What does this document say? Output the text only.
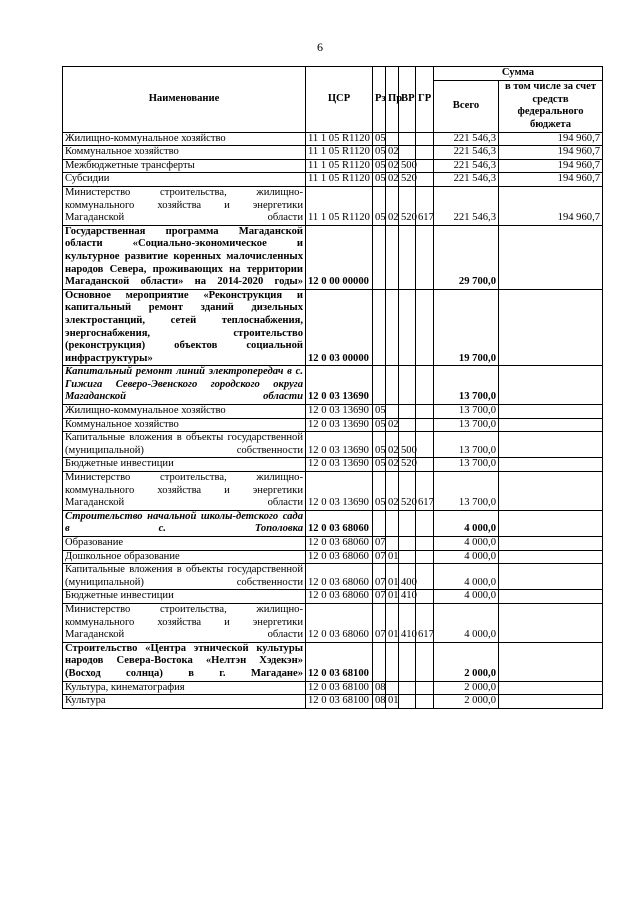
6
Наименование	ЦСР	Рз	Пр	ВР	ГР	Сумма	
						Всего	в том числе за счет средств федерального бюджета
Жилищно-коммунальное хозяйство	11 1 05 R1120	05				221 546,3	194 960,7
Коммунальное хозяйство	11 1 05 R1120	05	02			221 546,3	194 960,7
Межбюджетные трансферты	11 1 05 R1120	05	02	500		221 546,3	194 960,7
Субсидии	11 1 05 R1120	05	02	520		221 546,3	194 960,7
Министерство строительства, жилищно-коммунального хозяйства и энергетики Магаданской области	11 1 05 R1120	05	02	520	617	221 546,3	194 960,7
Государственная программа Магаданской области «Социально-экономическое и культурное развитие коренных малочисленных народов Севера, проживающих на территории Магаданской области» на 2014-2020 годы»	12 0 00 00000					29 700,0	
Основное мероприятие «Реконструкция и капитальный ремонт зданий дизельных электростанций, сетей теплоснабжения, энергоснабжения, строительство (реконструкция) объектов социальной инфраструктуры»	12 0 03 00000					19 700,0	
Капитальный ремонт линий электропередач в с. Гижига Северо-Эвенского городского округа Магаданской области	12 0 03 13690					13 700,0	
Жилищно-коммунальное хозяйство	12 0 03 13690	05				13 700,0	
Коммунальное хозяйство	12 0 03 13690	05	02			13 700,0	
Капитальные вложения в объекты государственной (муниципальной) собственности	12 0 03 13690	05	02	500		13 700,0	
Бюджетные инвестиции	12 0 03 13690	05	02	520		13 700,0	
Министерство строительства, жилищно-коммунального хозяйства и энергетики Магаданской области	12 0 03 13690	05	02	520	617	13 700,0	
Строительство начальной школы-детского сада в с. Тополовка	12 0 03 68060					4 000,0	
Образование	12 0 03 68060	07				4 000,0	
Дошкольное образование	12 0 03 68060	07	01			4 000,0	
Капитальные вложения в объекты государственной (муниципальной) собственности	12 0 03 68060	07	01	400		4 000,0	
Бюджетные инвестиции	12 0 03 68060	07	01	410		4 000,0	
Министерство строительства, жилищно-коммунального хозяйства и энергетики Магаданской области	12 0 03 68060	07	01	410	617	4 000,0	
Строительство «Центра этнической культуры народов Севера-Востока «Нелтэн Хэдекэн» (Восход солнца) в г. Магадане»	12 0 03 68100					2 000,0	
Культура, кинематография	12 0 03 68100	08				2 000,0	
Культура	12 0 03 68100	08	01			2 000,0	
